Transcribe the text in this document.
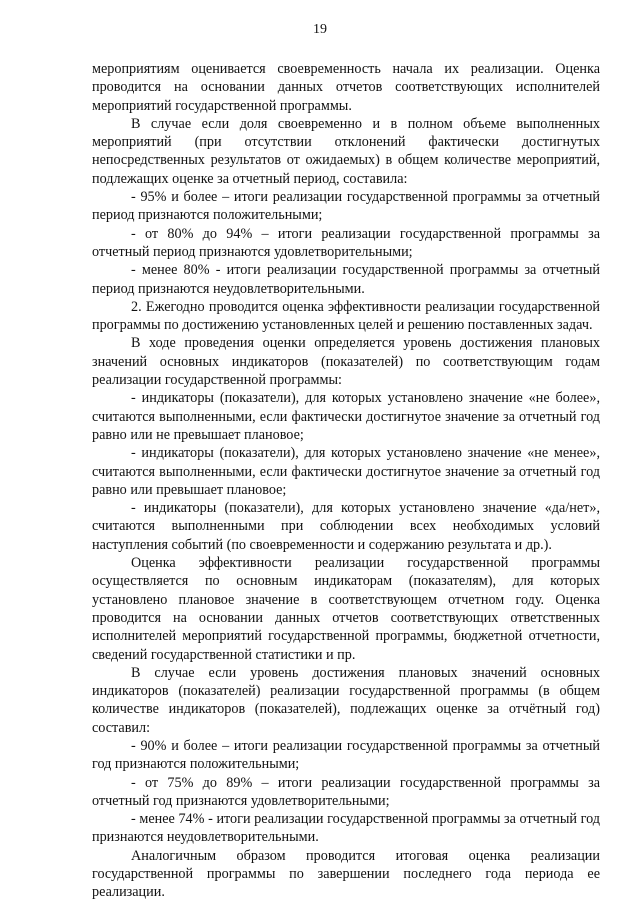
19

мероприятиям оценивается своевременность начала их реализации. Оценка проводится на основании данных отчетов соответствующих исполнителей мероприятий государственной программы.

В случае если доля своевременно и в полном объеме выполненных мероприятий (при отсутствии отклонений фактически достигнутых непосредственных результатов от ожидаемых) в общем количестве мероприятий, подлежащих оценке за отчетный период, составила:

- 95% и более – итоги реализации государственной программы за отчетный период признаются положительными;

- от 80% до 94% – итоги реализации государственной программы за отчетный период признаются удовлетворительными;

- менее 80% - итоги реализации государственной программы за отчетный период признаются неудовлетворительными.

2. Ежегодно проводится оценка эффективности реализации государственной программы по достижению установленных целей и решению поставленных задач.

В ходе проведения оценки определяется уровень достижения плановых значений основных индикаторов (показателей) по соответствующим годам реализации государственной программы:

- индикаторы (показатели), для которых установлено значение «не более», считаются выполненными, если фактически достигнутое значение за отчетный год равно или не превышает плановое;

- индикаторы (показатели), для которых установлено значение «не менее», считаются выполненными, если фактически достигнутое значение за отчетный год равно или превышает плановое;

- индикаторы (показатели), для которых установлено значение «да/нет», считаются выполненными при соблюдении всех необходимых условий наступления событий (по своевременности и содержанию результата и др.).

Оценка эффективности реализации государственной программы осуществляется по основным индикаторам (показателям), для которых установлено плановое значение в соответствующем отчетном году. Оценка проводится на основании данных отчетов соответствующих ответственных исполнителей мероприятий государственной программы, бюджетной отчетности, сведений государственной статистики и пр.

В случае если уровень достижения плановых значений основных индикаторов (показателей) реализации государственной программы (в общем количестве индикаторов (показателей), подлежащих оценке за отчётный год) составил:

- 90% и более – итоги реализации государственной программы за отчетный год признаются положительными;

- от 75% до 89% – итоги реализации государственной программы за отчетный год признаются удовлетворительными;

- менее 74% - итоги реализации государственной программы за отчетный год признаются неудовлетворительными.

Аналогичным образом проводится итоговая оценка реализации государственной программы по завершении последнего года периода ее реализации.
